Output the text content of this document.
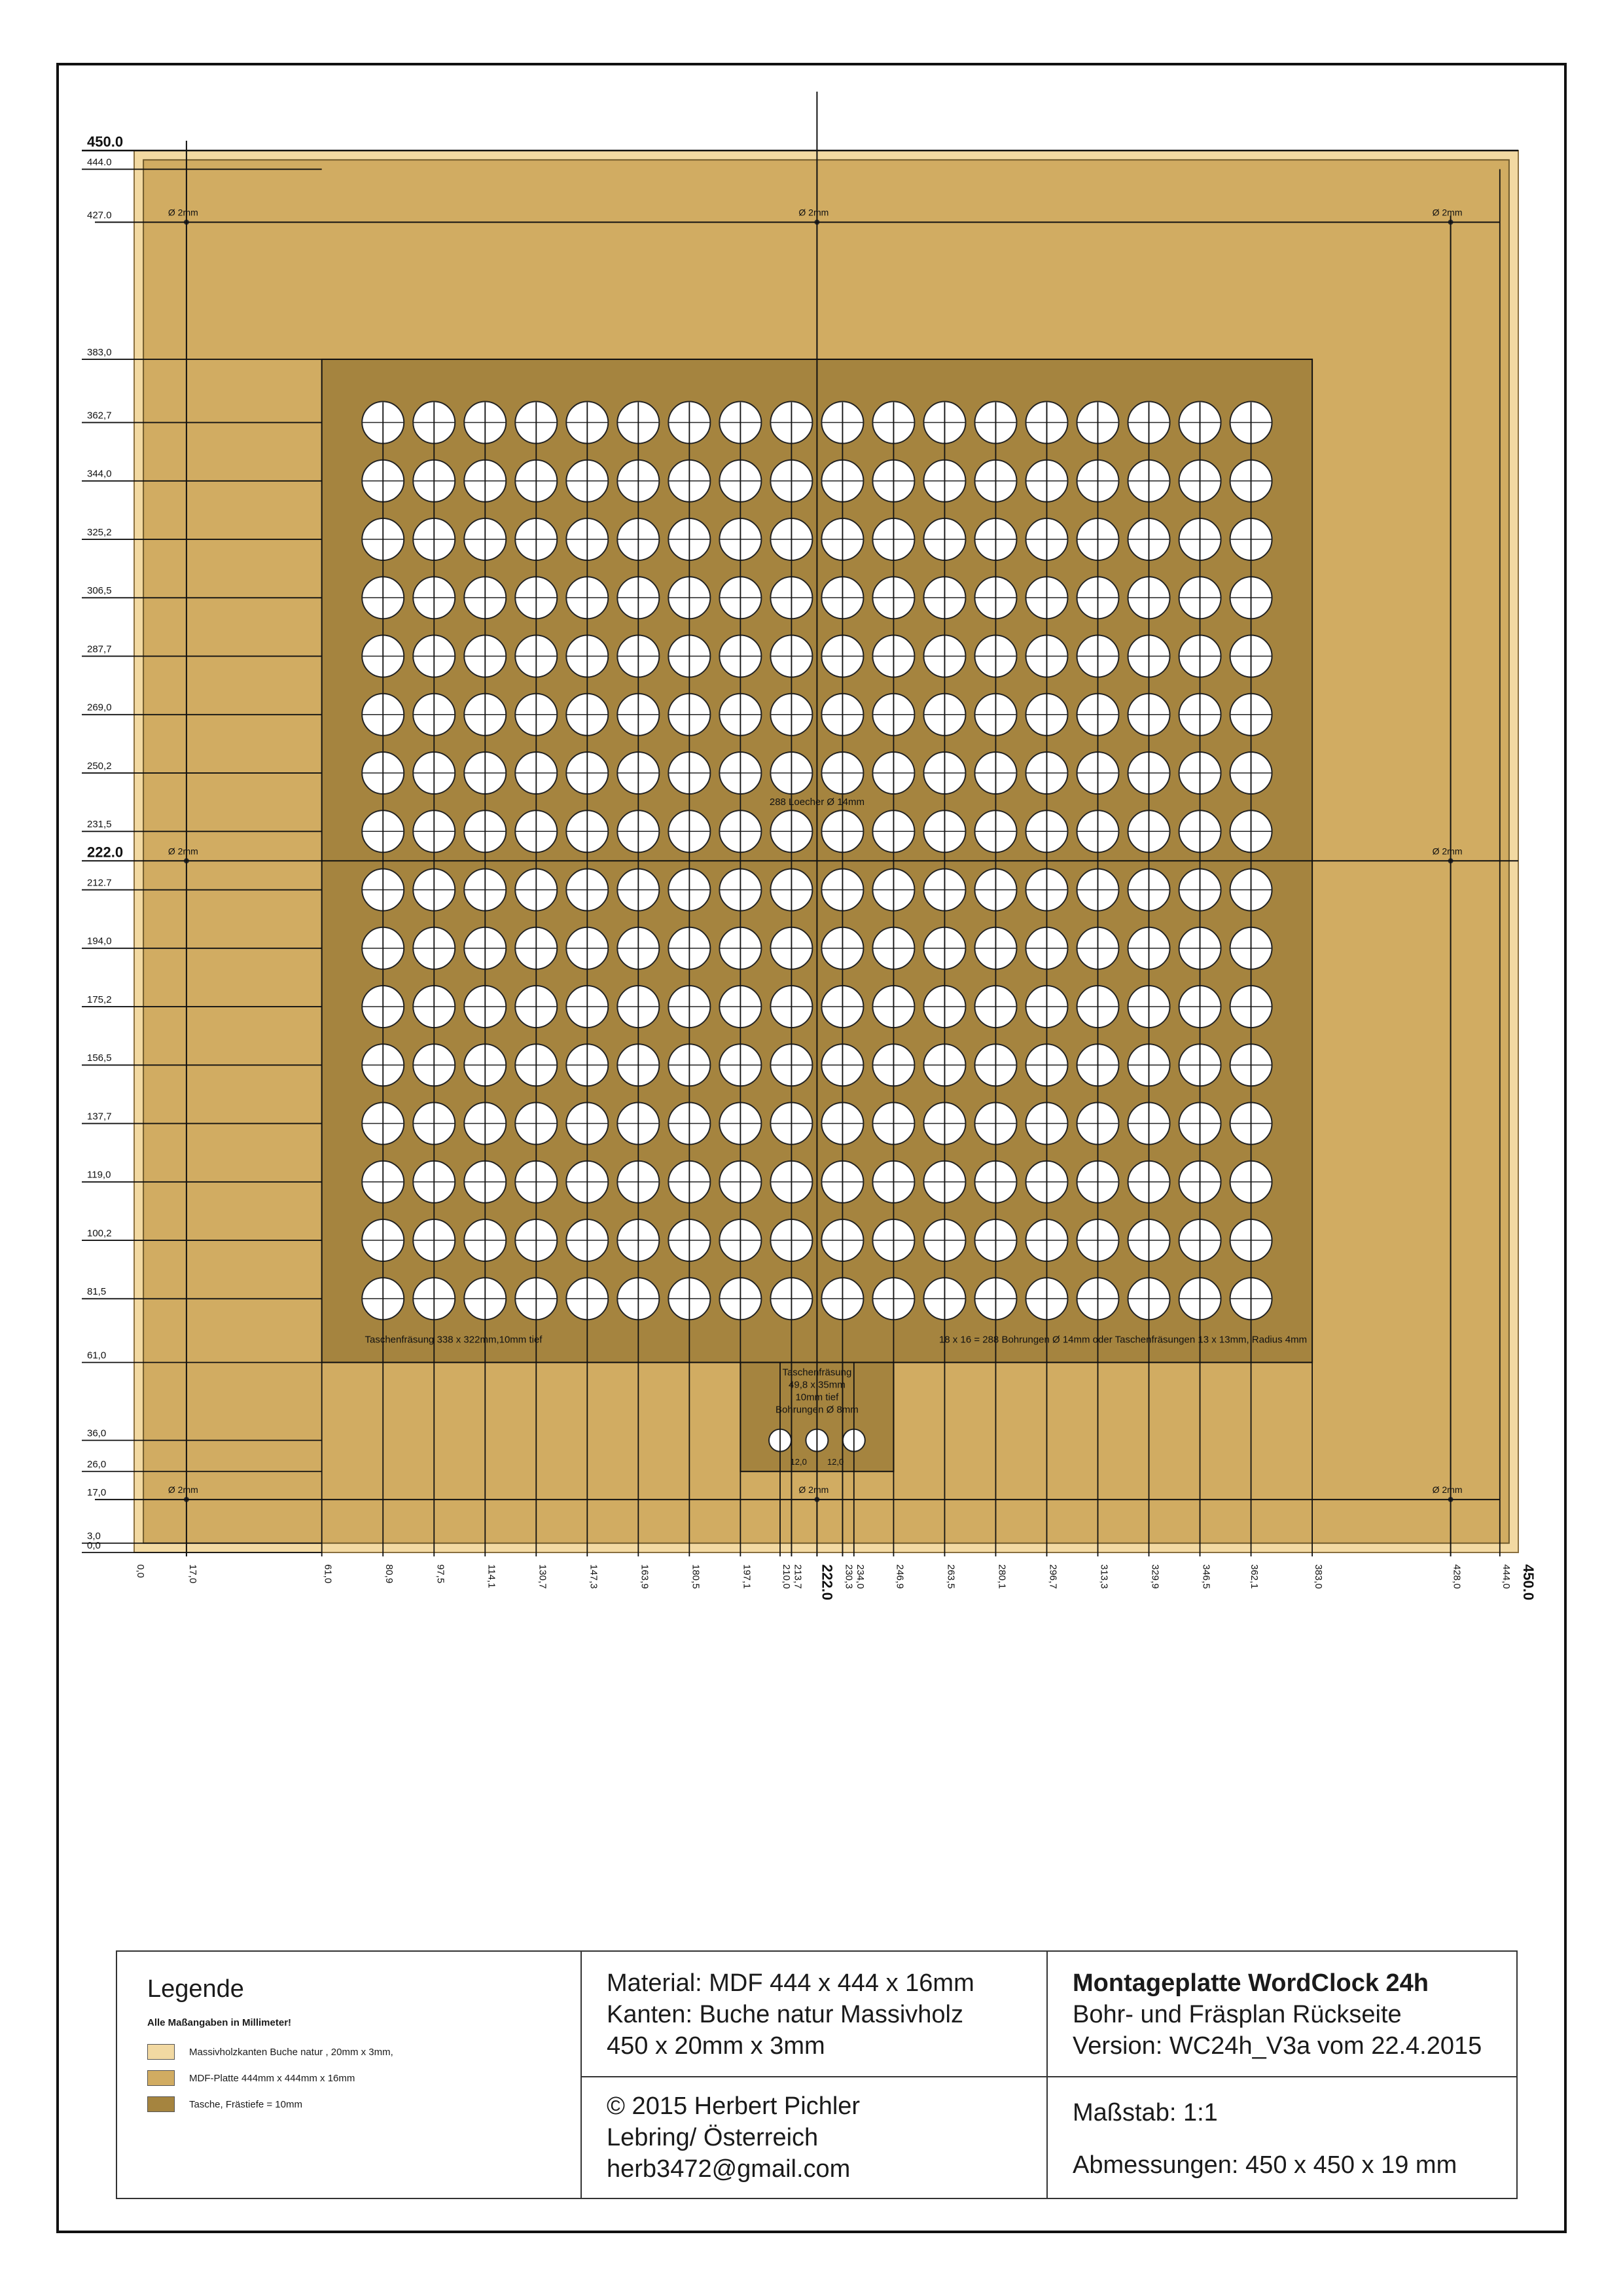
450.0
444.0
427.0
383,0
362,7
344,0
325,2
306,5
287,7
269,0
250,2
231,5
222.0
212.7
194,0
175,2
156,5
137,7
119,0
100,2
81,5
61,0
36,0
26,0
17,0
3,0
0,0
0,0	17,0	61,0	80,9	97,5	114,1	130,7	147,3	163,9	180,5	197,1	210,0 213,7 222.0 230,3 234,0	246,9	263,5	280,1	296,7	313,3	329,9	346,5	362,1	383,0	428,0	444,0 450.0
Ø 2mm	Ø 2mm	Ø 2mm
Ø 2mm	Ø 2mm
Ø 2mm	Ø 2mm	Ø 2mm
288 Loecher Ø 14mm
Taschenfräsung 338 x 322mm,10mm tief	18 x 16 = 288 Bohrungen Ø 14mm oder Taschenfräsungen 13 x 13mm, Radius 4mm
Taschenfräsung
49,8 x 35mm
10mm tief
Bohrungen Ø 8mm
12,0 12,0
Legende
Alle Maßangaben in Millimeter!
Massivholzkanten Buche natur , 20mm x 3mm,
MDF-Platte 444mm x 444mm x 16mm
Tasche, Frästiefe = 10mm
Material: MDF 444 x 444 x 16mm
Kanten: Buche natur Massivholz
450 x 20mm x 3mm
© 2015 Herbert Pichler
Lebring/ Österreich
herb3472@gmail.com
Montageplatte WordClock 24h
Bohr- und Fräsplan Rückseite
Version: WC24h_V3a vom 22.4.2015
Maßstab: 1:1
Abmessungen: 450 x 450 x 19 mm
